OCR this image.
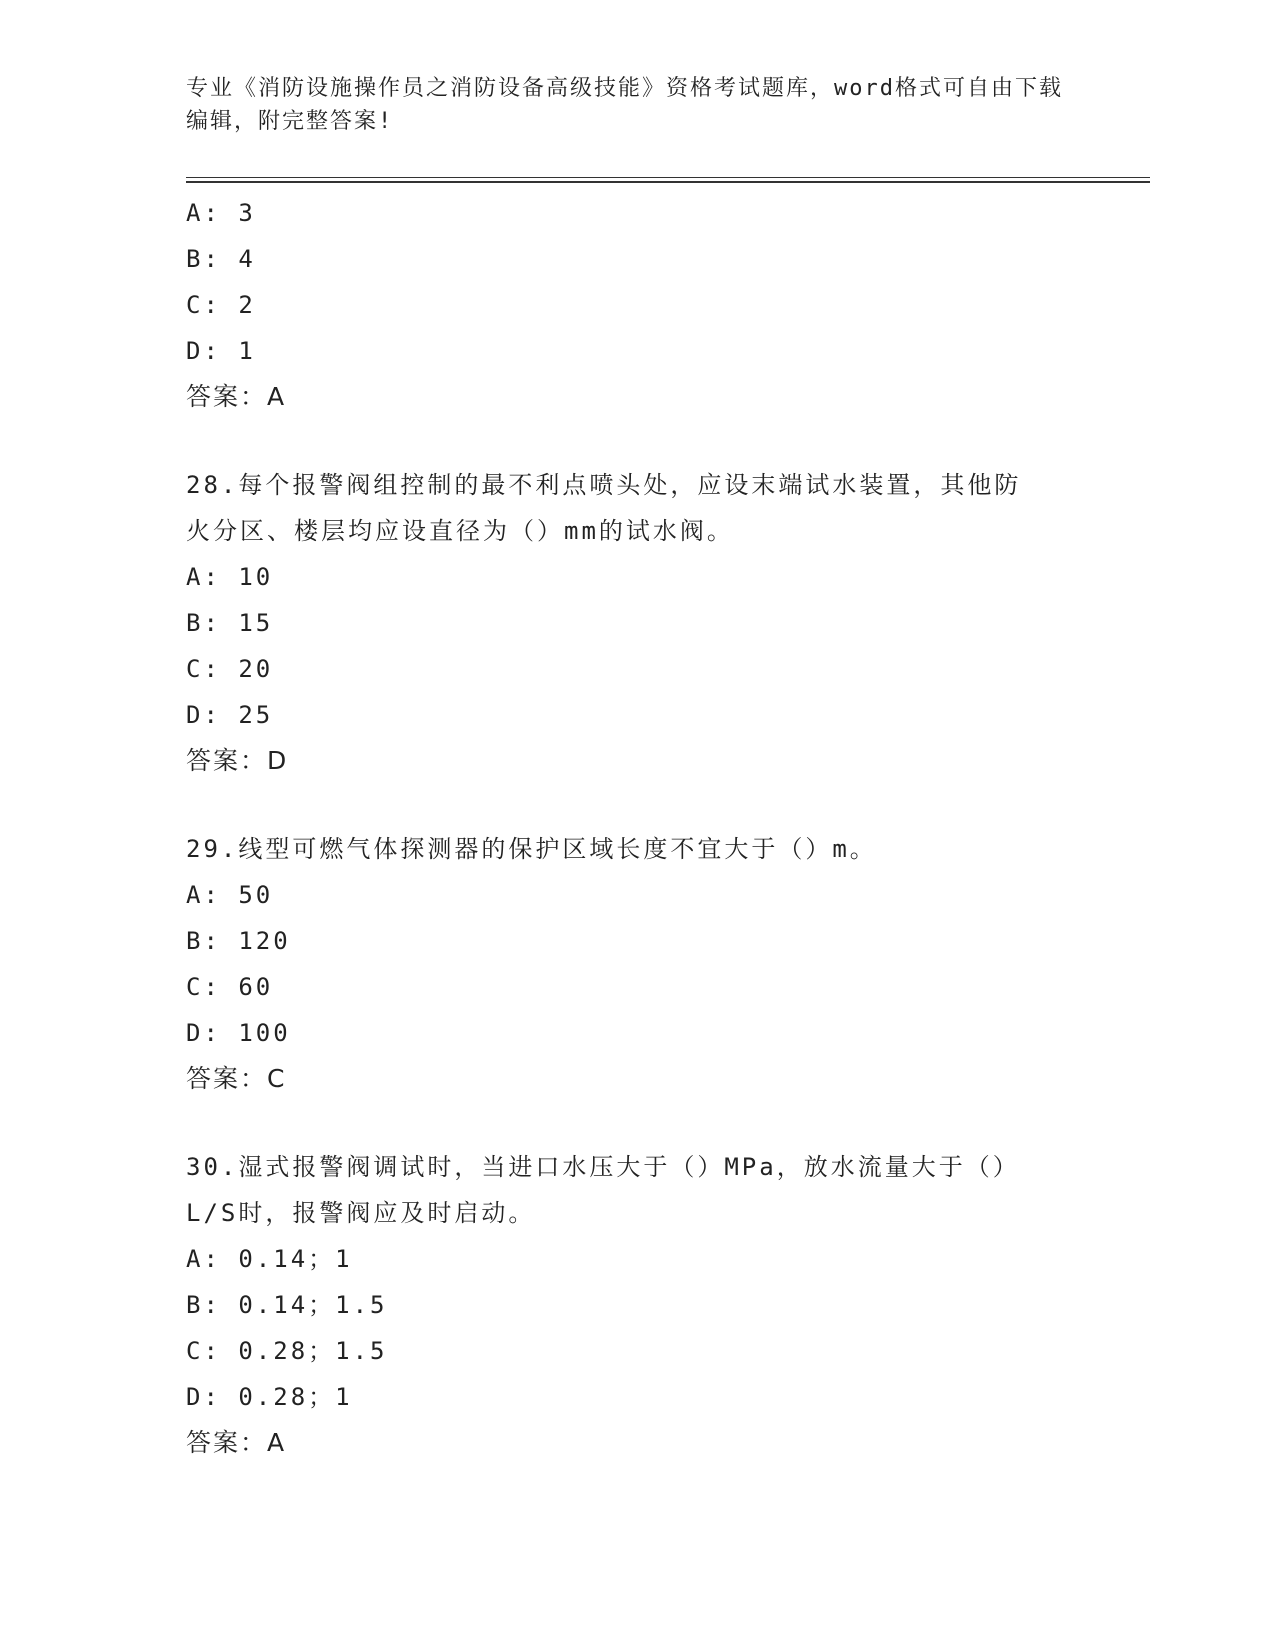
专业《消防设施操作员之消防设备高级技能》资格考试题库，word格式可自由下载编辑，附完整答案!
A: 3
B: 4
C: 2
D: 1
答案：A
28.每个报警阀组控制的最不利点喷头处，应设末端试水装置，其他防
火分区、楼层均应设直径为（）mm的试水阀。
A: 10
B: 15
C: 20
D: 25
答案：D
29.线型可燃气体探测器的保护区域长度不宜大于（）m。
A: 50
B: 120
C: 60
D: 100
答案：C
30.湿式报警阀调试时，当进口水压大于（）MPa，放水流量大于（）
L/S时，报警阀应及时启动。
A: 0.14；1
B: 0.14；1.5
C: 0.28；1.5
D: 0.28；1
答案：A
